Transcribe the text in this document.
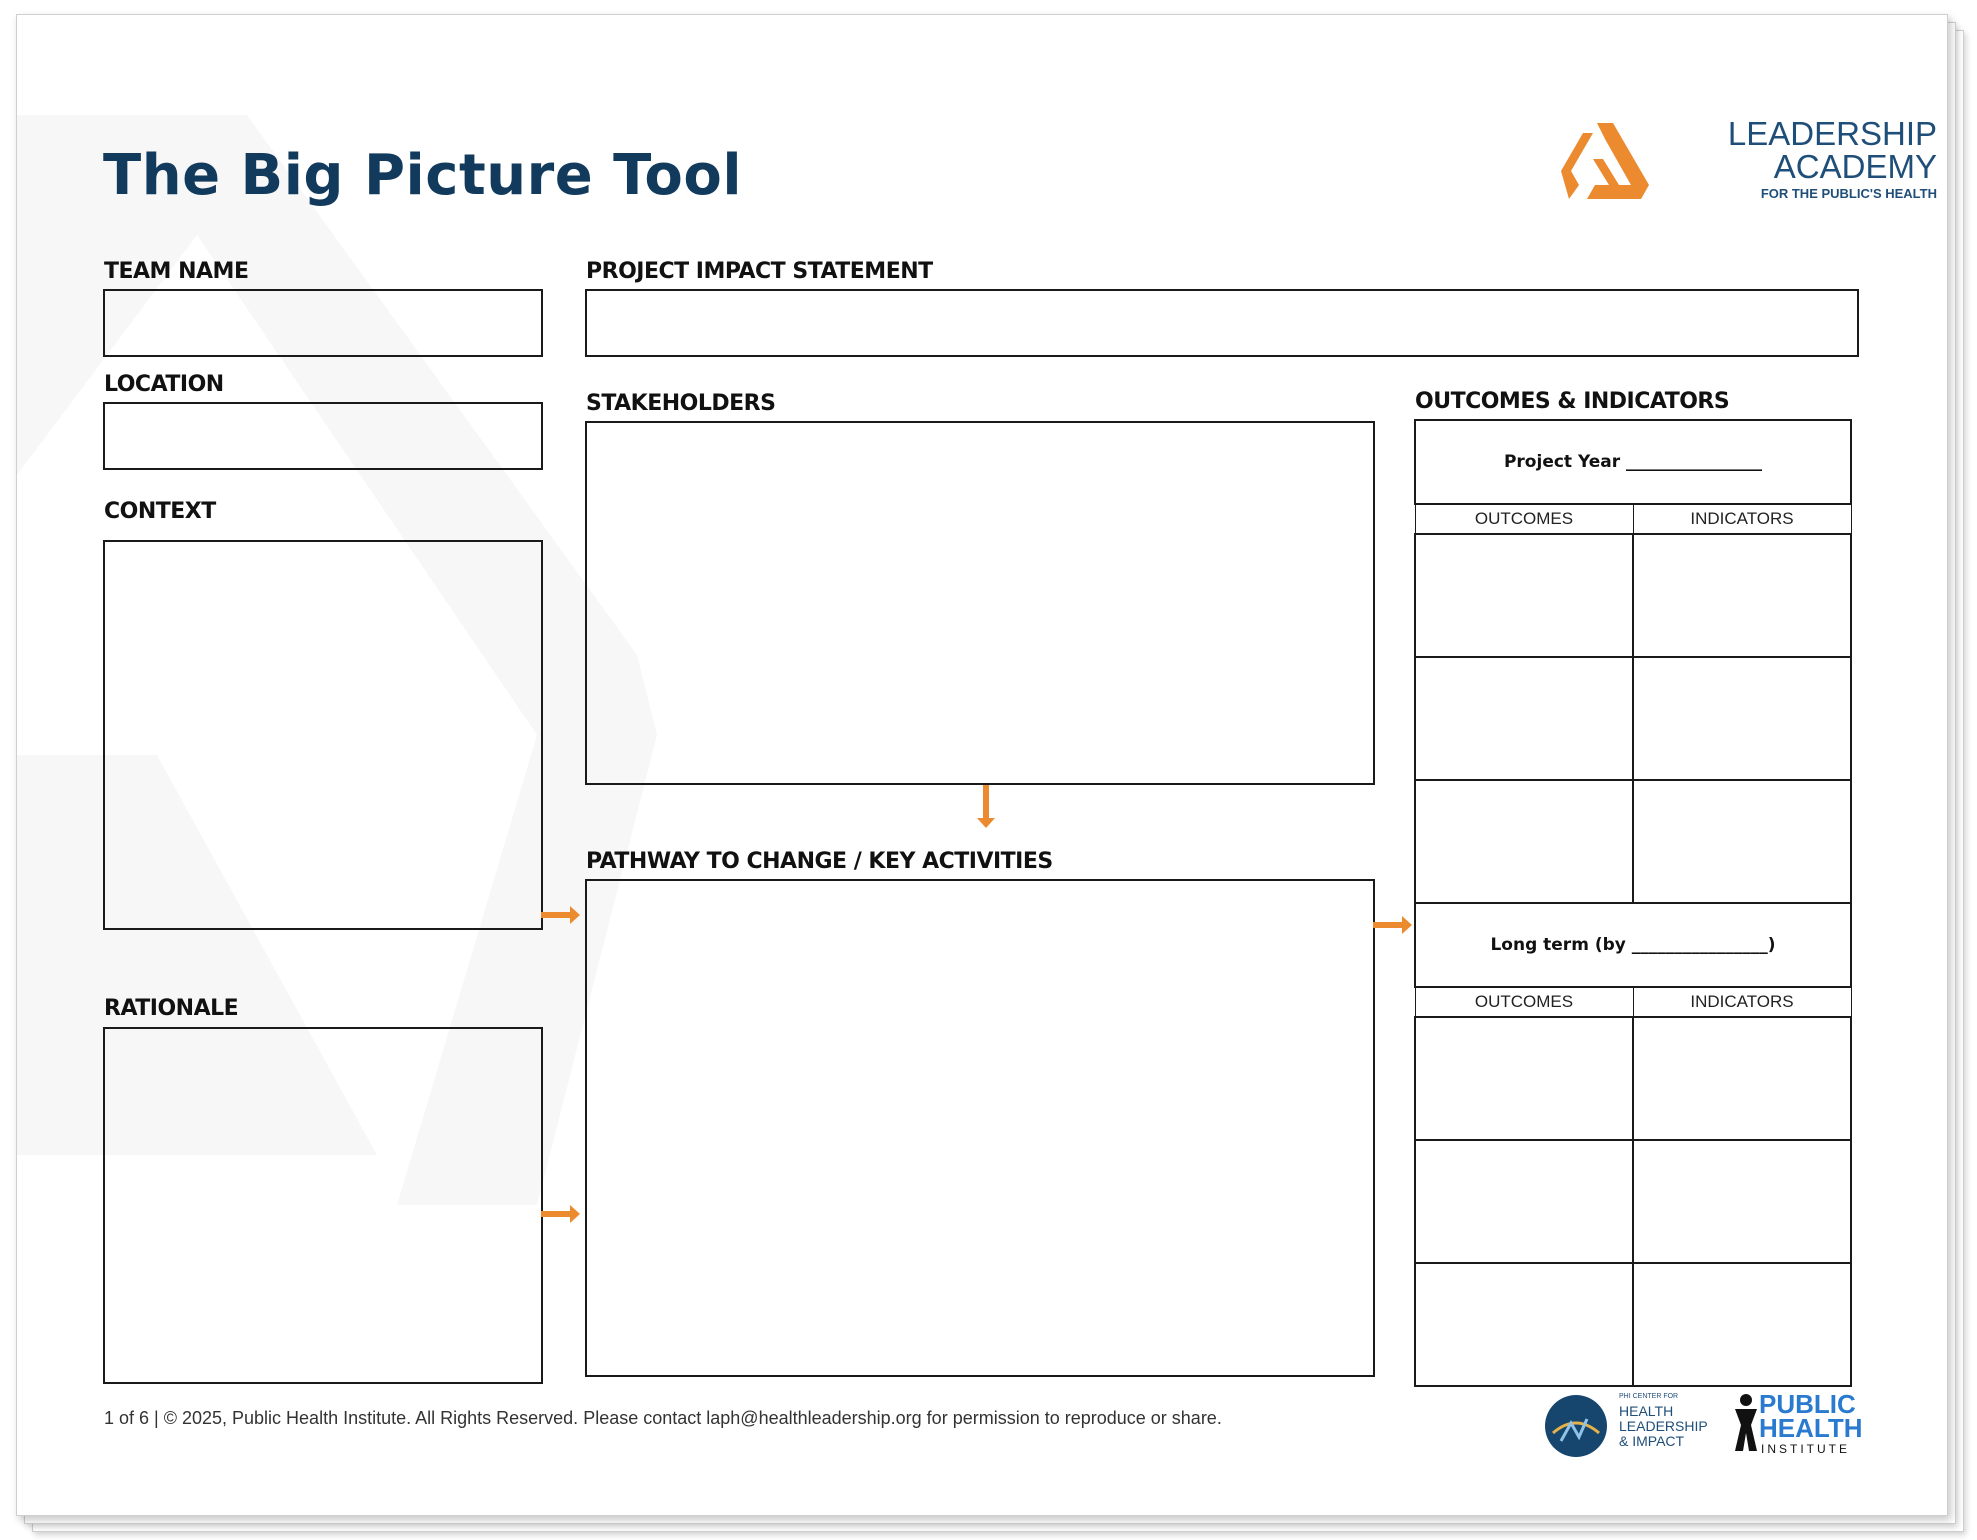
The Big Picture Tool
LEADERSHIP
ACADEMY
FOR THE PUBLIC'S HEALTH
TEAM NAME
LOCATION
CONTEXT
RATIONALE
PROJECT IMPACT STATEMENT
STAKEHOLDERS
PATHWAY TO CHANGE / KEY ACTIVITIES
OUTCOMES & INDICATORS
Project Year ________________	
OUTCOMES	INDICATORS

Long term (by ________________)	
OUTCOMES	INDICATORS

1 of 6 | © 2025, Public Health Institute. All Rights Reserved. Please contact laph@healthleadership.org for permission to reproduce or share.
PHI CENTER FOR
HEALTH
LEADERSHIP
& IMPACT
PUBLIC
HEALTH
INSTITUTE
